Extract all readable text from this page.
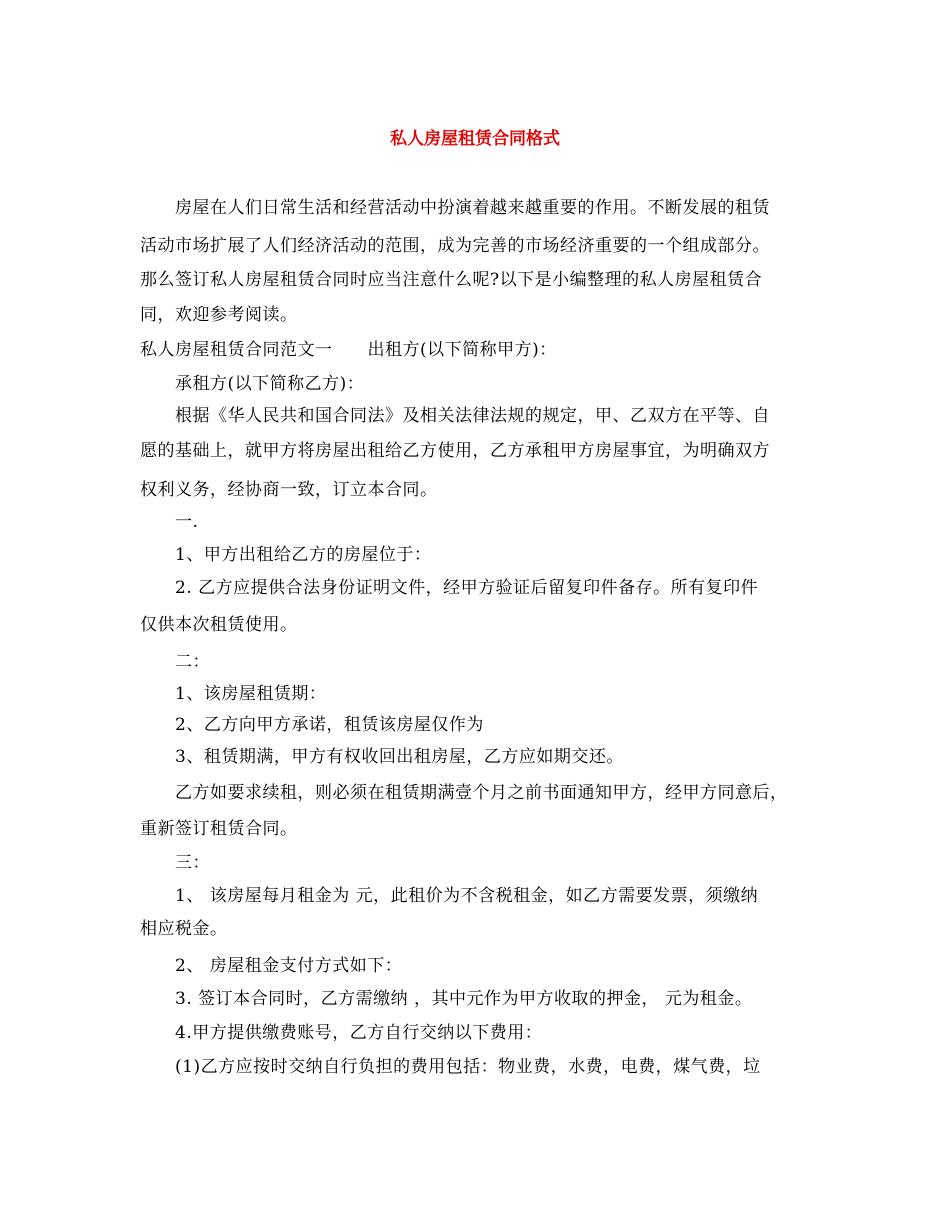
私人房屋租赁合同格式
房屋在人们日常生活和经营活动中扮演着越来越重要的作用。不断发展的租赁
活动市场扩展了人们经济活动的范围，成为完善的市场经济重要的一个组成部分。
那么签订私人房屋租赁合同时应当注意什么呢?以下是小编整理的私人房屋租赁合
同，欢迎参考阅读。
私人房屋租赁合同范文一　　出租方(以下简称甲方)：
承租方(以下简称乙方)：
根据《华人民共和国合同法》及相关法律法规的规定，甲、乙双方在平等、自
愿的基础上，就甲方将房屋出租给乙方使用，乙方承租甲方房屋事宜，为明确双方
权利义务，经协商一致，订立本合同。
一.
1、甲方出租给乙方的房屋位于：
2. 乙方应提供合法身份证明文件，经甲方验证后留复印件备存。所有复印件
仅供本次租赁使用。
二：
1、该房屋租赁期：
2、乙方向甲方承诺，租赁该房屋仅作为
3、租赁期满，甲方有权收回出租房屋，乙方应如期交还。
乙方如要求续租，则必须在租赁期满壹个月之前书面通知甲方，经甲方同意后，
重新签订租赁合同。
三：
1、 该房屋每月租金为 元，此租价为不含税租金，如乙方需要发票，须缴纳
相应税金。
2、 房屋租金支付方式如下：
3. 签订本合同时，乙方需缴纳 ，其中元作为甲方收取的押金， 元为租金。
4.甲方提供缴费账号，乙方自行交纳以下费用：
(1)乙方应按时交纳自行负担的费用包括：物业费，水费，电费，煤气费，垃
